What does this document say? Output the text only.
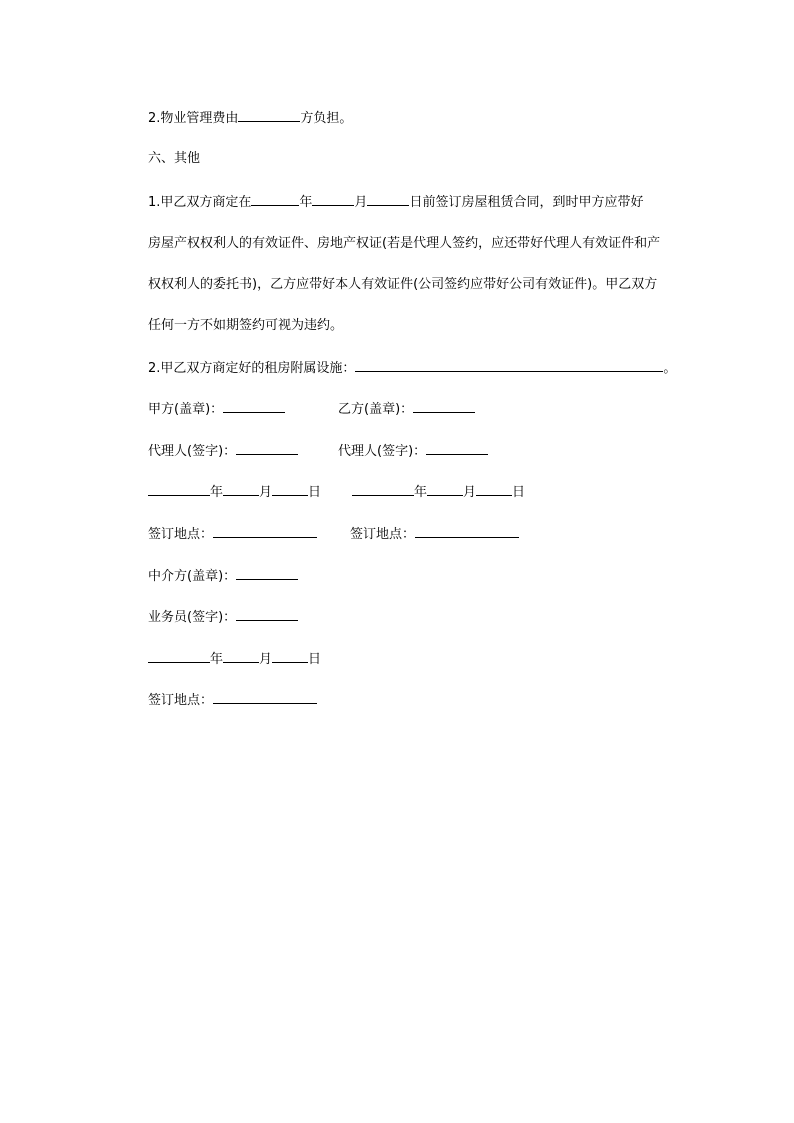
2.物业管理费由	方负担。
六、其他
1.甲乙双方商定在	年	月	日前签订房屋租赁合同，到时甲方应带好
房屋产权权利人的有效证件、房地产权证(若是代理人签约，应还带好代理人有效证件和产
权权利人的委托书)，乙方应带好本人有效证件(公司签约应带好公司有效证件)。甲乙双方
任何一方不如期签约可视为违约。
2.甲乙双方商定好的租房附属设施：	。
甲方(盖章)：	乙方(盖章)：
代理人(签字)：	代理人(签字)：
年	月	日	年	月	日
签订地点：	签订地点：
中介方(盖章)：
业务员(签字)：
年	月	日
签订地点：
